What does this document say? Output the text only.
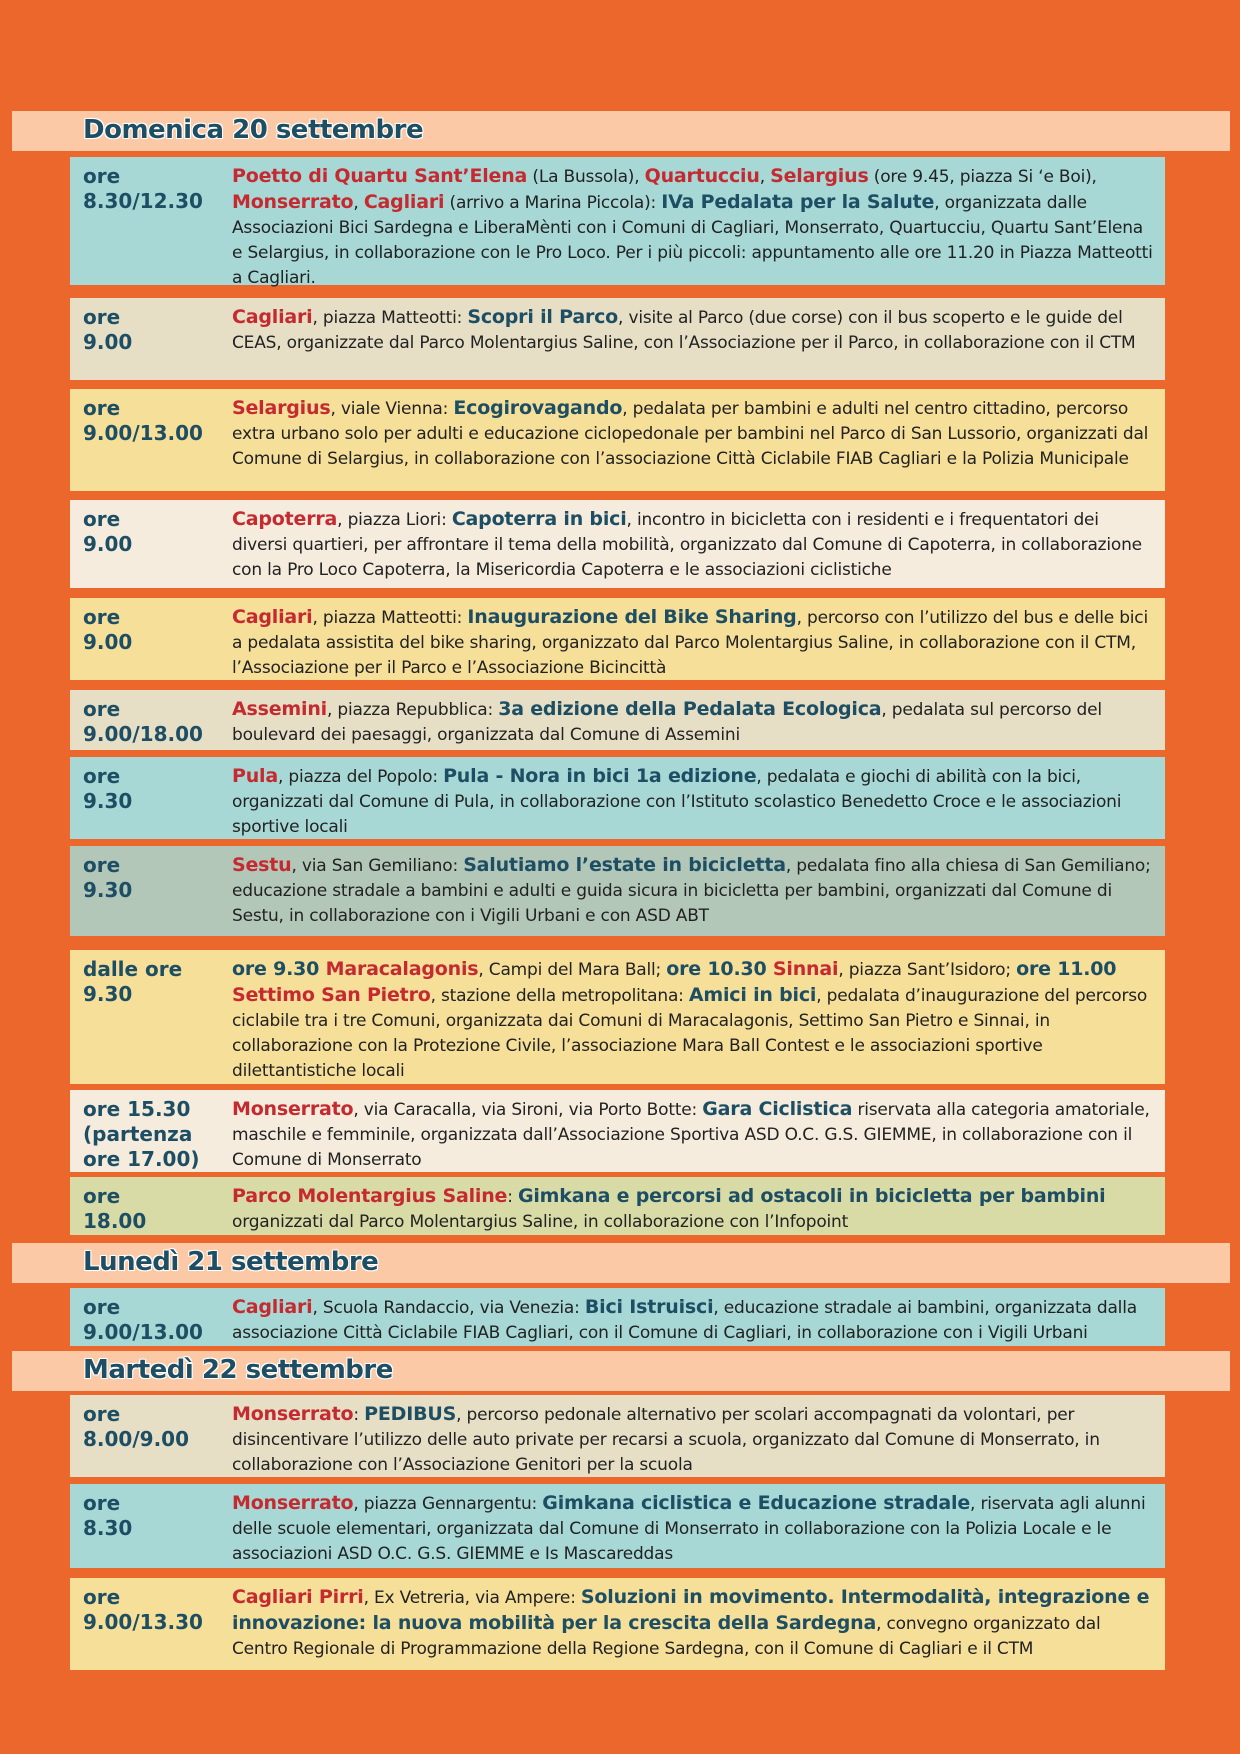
Domenica 20 settembre
ore
8.30/12.30
Poetto di Quartu Sant’Elena (La Bussola), Quartucciu, Selargius (ore 9.45, piazza Si ‘e Boi), Monserrato, Cagliari (arrivo a Marina Piccola): IVa Pedalata per la Salute, organizzata dalle Associazioni Bici Sardegna e LiberaMènti con i Comuni di Cagliari, Monserrato, Quartucciu, Quartu Sant’Elena e Selargius, in collaborazione con le Pro Loco. Per i più piccoli: appuntamento alle ore 11.20 in Piazza Matteotti a Cagliari.
ore
9.00
Cagliari, piazza Matteotti: Scopri il Parco, visite al Parco (due corse) con il bus scoperto e le guide del CEAS, organizzate dal Parco Molentargius Saline, con l’Associazione per il Parco, in collaborazione con il CTM
ore
9.00/13.00
Selargius, viale Vienna: Ecogirovagando, pedalata per bambini e adulti nel centro cittadino, percorso extra urbano solo per adulti e educazione ciclopedonale per bambini nel Parco di San Lussorio, organizzati dal Comune di Selargius, in collaborazione con l’associazione Città Ciclabile FIAB Cagliari e la Polizia Municipale
ore
9.00
Capoterra, piazza Liori: Capoterra in bici, incontro in bicicletta con i residenti e i frequentatori dei diversi quartieri, per affrontare il tema della mobilità, organizzato dal Comune di Capoterra, in collaborazione con la Pro Loco Capoterra, la Misericordia Capoterra e le associazioni ciclistiche
ore
9.00
Cagliari, piazza Matteotti: Inaugurazione del Bike Sharing, percorso con l’utilizzo del bus e delle bici a pedalata assistita del bike sharing, organizzato dal Parco Molentargius Saline, in collaborazione con il CTM, l’Associazione per il Parco e l’Associazione Bicincittà
ore
9.00/18.00
Assemini, piazza Repubblica: 3a edizione della Pedalata Ecologica, pedalata sul percorso del boulevard dei paesaggi, organizzata dal Comune di Assemini
ore
9.30
Pula, piazza del Popolo: Pula - Nora in bici 1a edizione, pedalata e giochi di abilità con la bici, organizzati dal Comune di Pula, in collaborazione con l’Istituto scolastico Benedetto Croce e le associazioni sportive locali
ore
9.30
Sestu, via San Gemiliano: Salutiamo l’estate in bicicletta, pedalata fino alla chiesa di San Gemiliano; educazione stradale a bambini e adulti e guida sicura in bicicletta per bambini, organizzati dal Comune di Sestu, in collaborazione con i Vigili Urbani e con ASD ABT
dalle ore
9.30
ore 9.30 Maracalagonis, Campi del Mara Ball; ore 10.30 Sinnai, piazza Sant’Isidoro; ore 11.00 Settimo San Pietro, stazione della metropolitana: Amici in bici, pedalata d’inaugurazione del percorso ciclabile tra i tre Comuni, organizzata dai Comuni di Maracalagonis, Settimo San Pietro e Sinnai, in collaborazione con la Protezione Civile, l’associazione Mara Ball Contest e le associazioni sportive dilettantistiche locali
ore 15.30
(partenza
ore 17.00)
Monserrato, via Caracalla, via Sironi, via Porto Botte: Gara Ciclistica riservata alla categoria amatoriale, maschile e femminile, organizzata dall’Associazione Sportiva ASD O.C. G.S. GIEMME, in collaborazione con il Comune di Monserrato
ore
18.00
Parco Molentargius Saline: Gimkana e percorsi ad ostacoli in bicicletta per bambini organizzati dal Parco Molentargius Saline, in collaborazione con l’Infopoint
Lunedì 21 settembre
ore
9.00/13.00
Cagliari, Scuola Randaccio, via Venezia: Bici Istruisci, educazione stradale ai bambini, organizzata dalla associazione Città Ciclabile FIAB Cagliari, con il Comune di Cagliari, in collaborazione con i Vigili Urbani
Martedì 22 settembre
ore
8.00/9.00
Monserrato: PEDIBUS, percorso pedonale alternativo per scolari accompagnati da volontari, per disincentivare l’utilizzo delle auto private per recarsi a scuola, organizzato dal Comune di Monserrato, in collaborazione con l’Associazione Genitori per la scuola
ore
8.30
Monserrato, piazza Gennargentu: Gimkana ciclistica e Educazione stradale, riservata agli alunni delle scuole elementari, organizzata dal Comune di Monserrato in collaborazione con la Polizia Locale e le associazioni ASD O.C. G.S. GIEMME e Is Mascareddas
ore
9.00/13.30
Cagliari Pirri, Ex Vetreria, via Ampere: Soluzioni in movimento. Intermodalità, integrazione e innovazione: la nuova mobilità per la crescita della Sardegna, convegno organizzato dal Centro Regionale di Programmazione della Regione Sardegna, con il Comune di Cagliari e il CTM
